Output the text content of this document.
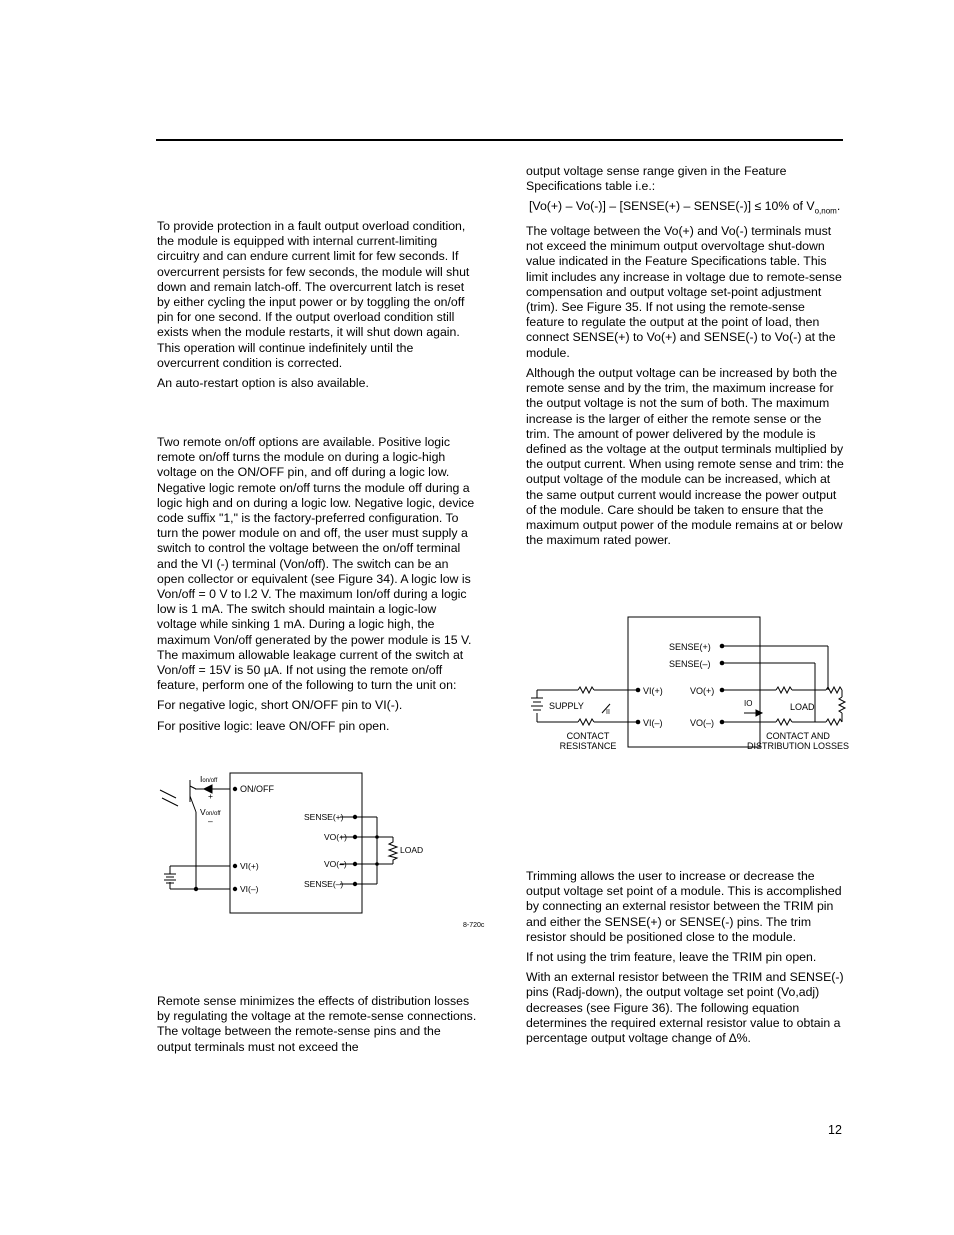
To provide protection in a fault output overload condition, the module is equipped with internal current-limiting circuitry and can endure current limit for few seconds. If overcurrent persists for few seconds, the module will shut down and remain latch-off. The overcurrent latch is reset by either cycling the input power or by toggling the on/off pin for one second. If the output overload condition still exists when the module restarts, it will shut down again. This operation will continue indefinitely until the overcurrent condition is corrected.

An auto-restart option is also available.

Two remote on/off options are available. Positive logic remote on/off turns the module on during a logic-high voltage on the ON/OFF pin, and off during a logic low. Negative logic remote on/off turns the module off during a logic high and on during a logic low. Negative logic, device code suffix "1," is the factory-preferred configuration. To turn the power module on and off, the user must supply a switch to control the voltage between the on/off terminal and the VI (-) terminal (Von/off). The switch can be an open collector or equivalent (see Figure 34). A logic low is Von/off = 0 V to l.2 V. The maximum Ion/off during a logic low is 1 mA. The switch should maintain a logic-low voltage while sinking 1 mA. During a logic high, the maximum Von/off generated by the power module is 15 V. The maximum allowable leakage current of the switch at Von/off = 15V is 50 µA. If not using the remote on/off feature, perform one of the following to turn the unit on:

For negative logic, short ON/OFF pin to VI(-).

For positive logic: leave ON/OFF pin open.

Ion/off
+
Von/off
–
ON/OFF
SENSE(+)
VO(+)
VO(–)
SENSE(–)
VI(+)
VI(–)
LOAD
8-720c

Remote sense minimizes the effects of distribution losses by regulating the voltage at the remote-sense connections. The voltage between the remote-sense pins and the output terminals must not exceed the

output voltage sense range given in the Feature Specifications table i.e.:

[Vo(+) – Vo(-)] – [SENSE(+) – SENSE(-)] ≤ 10% of $V_{o,nom}$.

The voltage between the Vo(+) and Vo(-) terminals must not exceed the minimum output overvoltage shut-down value indicated in the Feature Specifications table. This limit includes any increase in voltage due to remote-sense compensation and output voltage set-point adjustment (trim). See Figure 35. If not using the remote-sense feature to regulate the output at the point of load, then connect SENSE(+) to Vo(+) and SENSE(-) to Vo(-) at the module.

Although the output voltage can be increased by both the remote sense and by the trim, the maximum increase for the output voltage is not the sum of both. The maximum increase is the larger of either the remote sense or the trim. The amount of power delivered by the module is defined as the voltage at the output terminals multiplied by the output current. When using remote sense and trim: the output voltage of the module can be increased, which at the same output current would increase the power output of the module. Care should be taken to ensure that the maximum output power of the module remains at or below the maximum rated power.

SENSE(+)
SENSE(–)
VI(+)
VI(–)
VO(+)
VO(–)
SUPPLY
II
IO	LOAD
CONTACT
RESISTANCE
CONTACT AND
DISTRIBUTION LOSSES

Trimming allows the user to increase or decrease the output voltage set point of a module. This is accomplished by connecting an external resistor between the TRIM pin and either the SENSE(+) or SENSE(-) pins. The trim resistor should be positioned close to the module.

If not using the trim feature, leave the TRIM pin open.

With an external resistor between the TRIM and SENSE(-) pins (Radj-down), the output voltage set point (Vo,adj) decreases (see Figure 36). The following equation determines the required external resistor value to obtain a percentage output voltage change of ∆%.

12
